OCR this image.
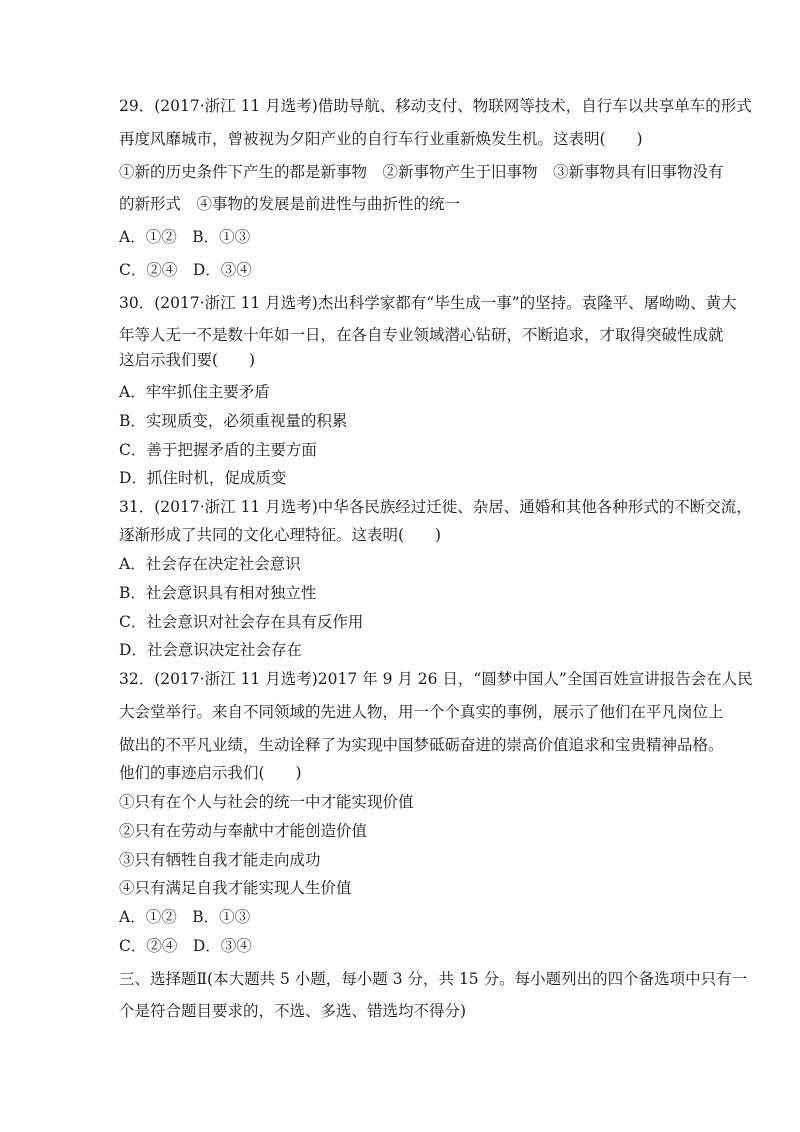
29．(2017·浙江 11 月选考)借助导航、移动支付、物联网等技术，自行车以共享单车的形式
再度风靡城市，曾被视为夕阳产业的自行车行业重新焕发生机。这表明(　　)
①新的历史条件下产生的都是新事物　②新事物产生于旧事物　③新事物具有旧事物没有
的新形式　④事物的发展是前进性与曲折性的统一
A．①②　B．①③
C．②④　D．③④
30．(2017·浙江 11 月选考)杰出科学家都有“毕生成一事”的坚持。袁隆平、屠呦呦、黄大
年等人无一不是数十年如一日，在各自专业领域潜心钻研，不断追求，才取得突破性成就
这启示我们要(　　)
A．牢牢抓住主要矛盾
B．实现质变，必须重视量的积累
C．善于把握矛盾的主要方面
D．抓住时机，促成质变
31．(2017·浙江 11 月选考)中华各民族经过迁徙、杂居、通婚和其他各种形式的不断交流，
逐渐形成了共同的文化心理特征。这表明(　　)
A．社会存在决定社会意识
B．社会意识具有相对独立性
C．社会意识对社会存在具有反作用
D．社会意识决定社会存在
32．(2017·浙江 11 月选考)2017 年 9 月 26 日，“圆梦中国人”全国百姓宣讲报告会在人民
大会堂举行。来自不同领域的先进人物，用一个个真实的事例，展示了他们在平凡岗位上
做出的不平凡业绩，生动诠释了为实现中国梦砥砺奋进的崇高价值追求和宝贵精神品格。
他们的事迹启示我们(　　)
①只有在个人与社会的统一中才能实现价值
②只有在劳动与奉献中才能创造价值
③只有牺牲自我才能走向成功
④只有满足自我才能实现人生价值
A．①②　B．①③
C．②④　D．③④
三、选择题Ⅱ(本大题共 5 小题，每小题 3 分，共 15 分。每小题列出的四个备选项中只有一
个是符合题目要求的，不选、多选、错选均不得分)
